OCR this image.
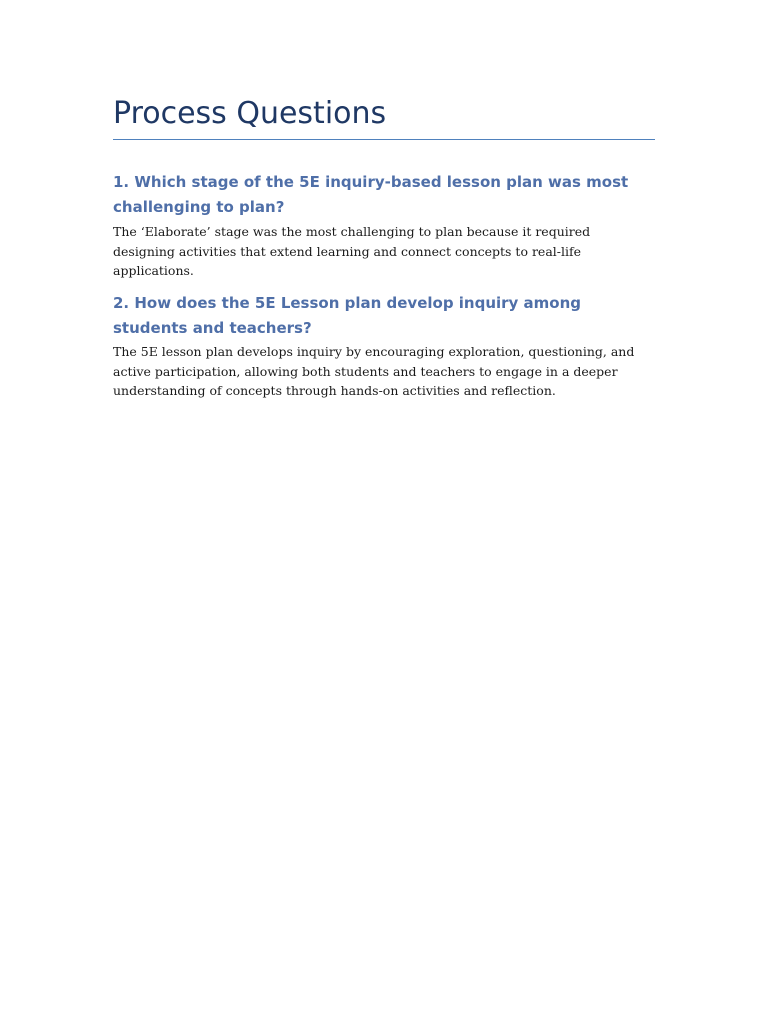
Process Questions
1. Which stage of the 5E inquiry-based lesson plan was most challenging to plan?

The ‘Elaborate’ stage was the most challenging to plan because it required designing activities that extend learning and connect concepts to real-life applications.

2. How does the 5E Lesson plan develop inquiry among students and teachers?

The 5E lesson plan develops inquiry by encouraging exploration, questioning, and active participation, allowing both students and teachers to engage in a deeper understanding of concepts through hands-on activities and reflection.
